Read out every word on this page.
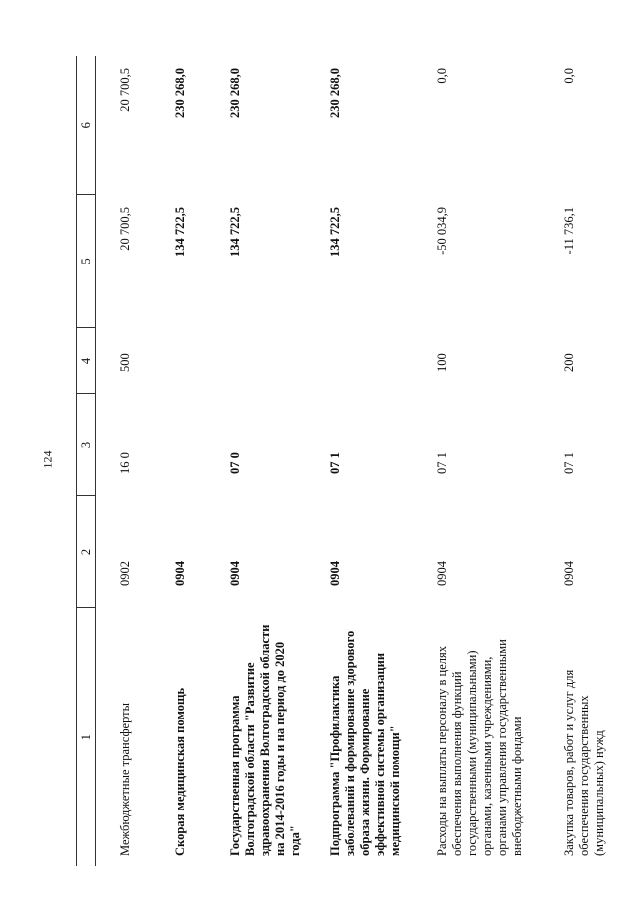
124
1	2	3	4	5	6
Межбюджетные трансферты	0902	16 0	500	20 700,5	20 700,5
Скорая медицинская помощь	0904			134 722,5	230 268,0
Государственная программа Волгоградской области "Развитие здравоохранения Волгоградской области на 2014-2016 годы и на период до 2020 года"	0904	07 0		134 722,5	230 268,0
Подпрограмма "Профилактика заболеваний и формирование здорового образа жизни. Формирование эффективной системы организации медицинской помощи"	0904	07 1		134 722,5	230 268,0
Расходы на выплаты персоналу в целях обеспечения выполнения функций государственными (муниципальными) органами, казенными учреждениями, органами управления государственными внебюджетными фондами	0904	07 1	100	-50 034,9	0,0
Закупка товаров, работ и услуг для обеспечения государственных (муниципальных) нужд	0904	07 1	200	-11 736,1	0,0
